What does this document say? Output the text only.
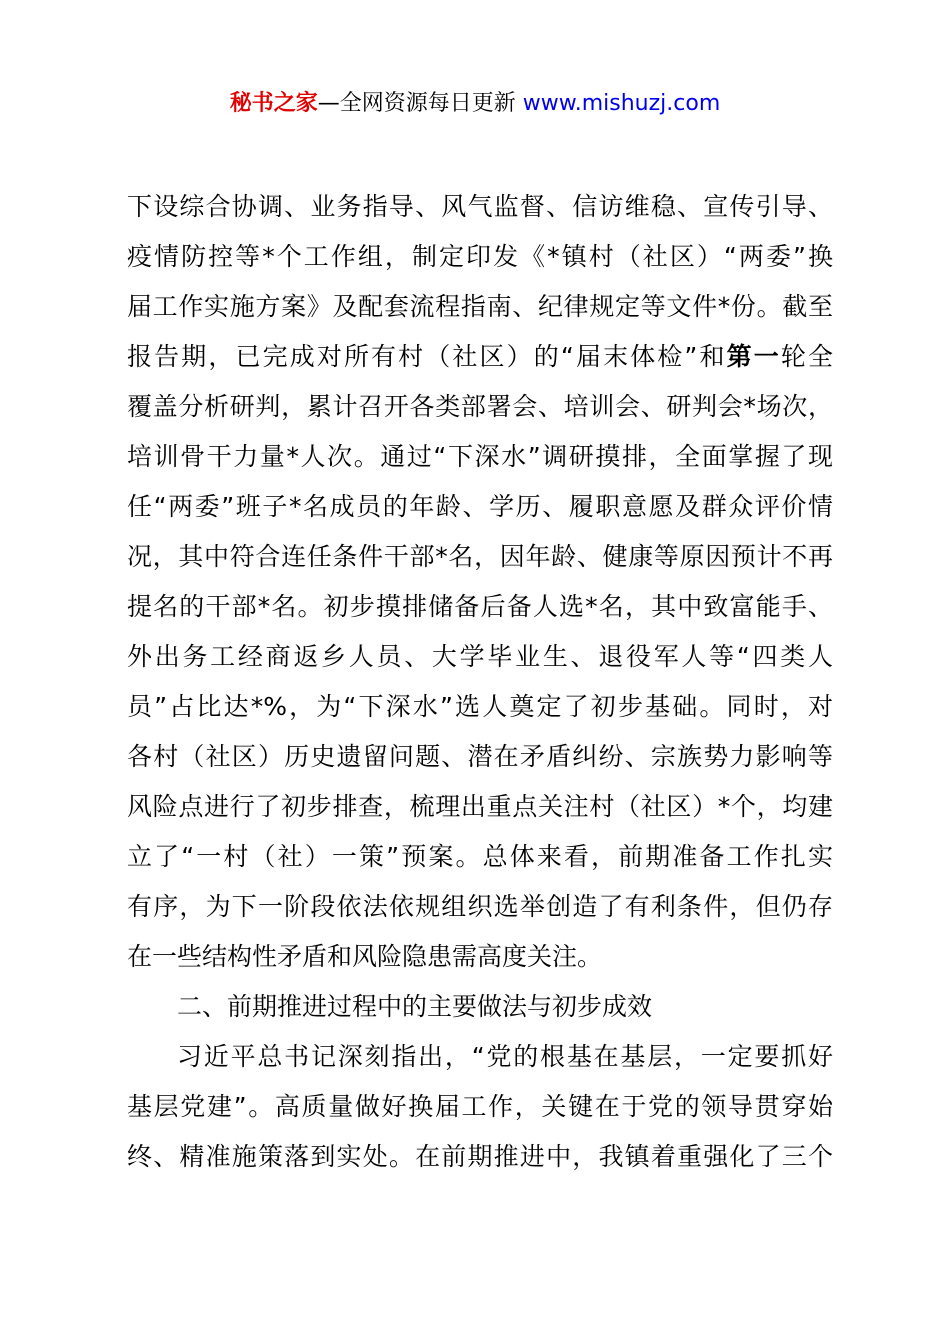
秘书之家—全网资源每日更新 www.mishuzj.com
下设综合协调、业务指导、风气监督、信访维稳、宣传引导、
疫情防控等*个工作组，制定印发《*镇村（社区）“两委”换
届工作实施方案》及配套流程指南、纪律规定等文件*份。截至
报告期，已完成对所有村（社区）的“届末体检”和第一轮全
覆盖分析研判，累计召开各类部署会、培训会、研判会*场次，
培训骨干力量*人次。通过“下深水”调研摸排，全面掌握了现
任“两委”班子*名成员的年龄、学历、履职意愿及群众评价情
况，其中符合连任条件干部*名，因年龄、健康等原因预计不再
提名的干部*名。初步摸排储备后备人选*名，其中致富能手、
外出务工经商返乡人员、大学毕业生、退役军人等“四类人
员”占比达*%，为“下深水”选人奠定了初步基础。同时，对
各村（社区）历史遗留问题、潜在矛盾纠纷、宗族势力影响等
风险点进行了初步排查，梳理出重点关注村（社区）*个，均建
立了“一村（社）一策”预案。总体来看，前期准备工作扎实
有序，为下一阶段依法依规组织选举创造了有利条件，但仍存
在一些结构性矛盾和风险隐患需高度关注。
二、前期推进过程中的主要做法与初步成效
习近平总书记深刻指出，“党的根基在基层，一定要抓好
基层党建”。高质量做好换届工作，关键在于党的领导贯穿始
终、精准施策落到实处。在前期推进中，我镇着重强化了三个
